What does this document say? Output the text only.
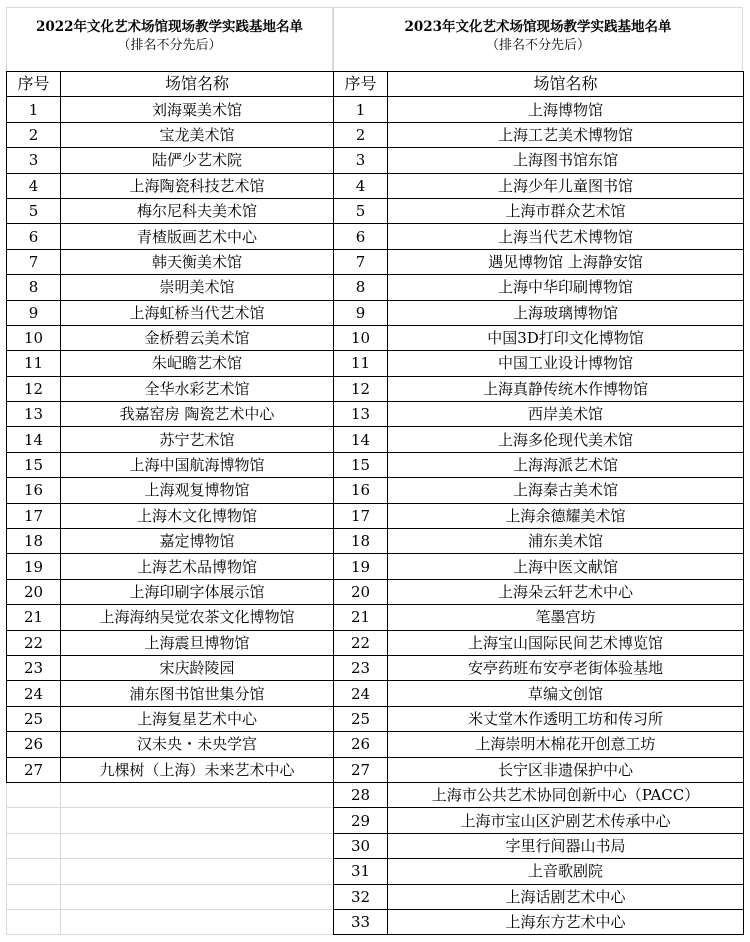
2022年文化艺术场馆现场教学实践基地名单
（排名不分先后）
序号	场馆名称
1	刘海粟美术馆
2	宝龙美术馆
3	陆俨少艺术院
4	上海陶瓷科技艺术馆
5	梅尔尼科夫美术馆
6	青楂版画艺术中心
7	韩天衡美术馆
8	崇明美术馆
9	上海虹桥当代艺术馆
10	金桥碧云美术馆
11	朱屺瞻艺术馆
12	全华水彩艺术馆
13	我嘉窑房 陶瓷艺术中心
14	苏宁艺术馆
15	上海中国航海博物馆
16	上海观复博物馆
17	上海木文化博物馆
18	嘉定博物馆
19	上海艺术品博物馆
20	上海印刷字体展示馆
21	上海海纳吴觉农茶文化博物馆
22	上海震旦博物馆
23	宋庆龄陵园
24	浦东图书馆世集分馆
25	上海复星艺术中心
26	汉未央・未央学宫
27	九棵树（上海）未来艺术中心

2023年文化艺术场馆现场教学实践基地名单
（排名不分先后）
序号	场馆名称
1	上海博物馆
2	上海工艺美术博物馆
3	上海图书馆东馆
4	上海少年儿童图书馆
5	上海市群众艺术馆
6	上海当代艺术博物馆
7	遇见博物馆 上海静安馆
8	上海中华印刷博物馆
9	上海玻璃博物馆
10	中国3D打印文化博物馆
11	中国工业设计博物馆
12	上海真静传统木作博物馆
13	西岸美术馆
14	上海多伦现代美术馆
15	上海海派艺术馆
16	上海秦古美术馆
17	上海余德耀美术馆
18	浦东美术馆
19	上海中医文献馆
20	上海朵云轩艺术中心
21	笔墨宫坊
22	上海宝山国际民间艺术博览馆
23	安亭药班布安亭老街体验基地
24	草编文创馆
25	米丈堂木作透明工坊和传习所
26	上海崇明木棉花开创意工坊
27	长宁区非遗保护中心
28	上海市公共艺术协同创新中心（PACC）
29	上海市宝山区沪剧艺术传承中心
30	字里行间器山书局
31	上音歌剧院
32	上海话剧艺术中心
33	上海东方艺术中心
